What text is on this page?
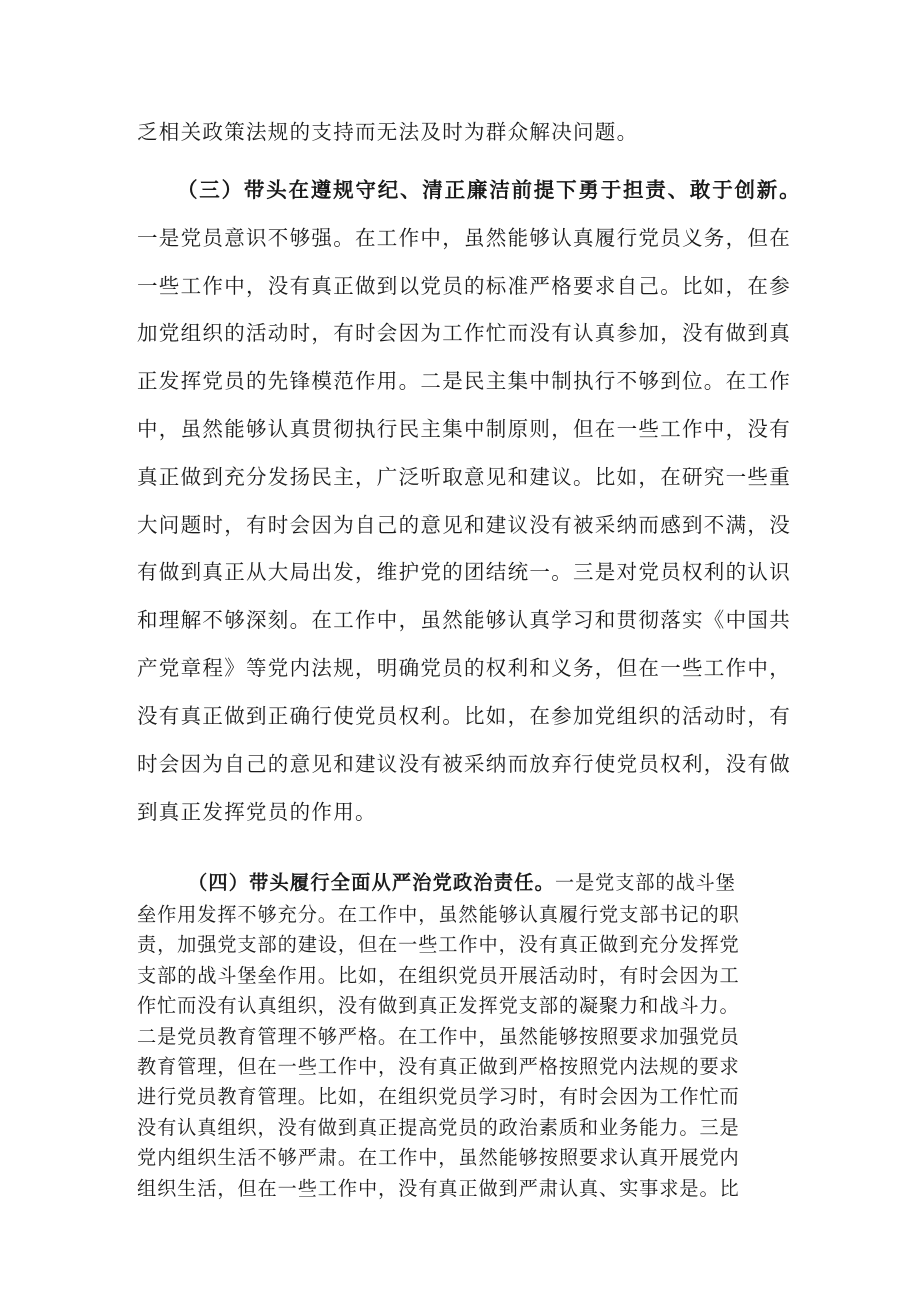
乏相关政策法规的支持而无法及时为群众解决问题。
（三）带头在遵规守纪、清正廉洁前提下勇于担责、敢于创新。
一是党员意识不够强。在工作中，虽然能够认真履行党员义务，但在
一些工作中，没有真正做到以党员的标准严格要求自己。比如，在参
加党组织的活动时，有时会因为工作忙而没有认真参加，没有做到真
正发挥党员的先锋模范作用。二是民主集中制执行不够到位。在工作
中，虽然能够认真贯彻执行民主集中制原则，但在一些工作中，没有
真正做到充分发扬民主，广泛听取意见和建议。比如，在研究一些重
大问题时，有时会因为自己的意见和建议没有被采纳而感到不满，没
有做到真正从大局出发，维护党的团结统一。三是对党员权利的认识
和理解不够深刻。在工作中，虽然能够认真学习和贯彻落实《中国共
产党章程》等党内法规，明确党员的权利和义务，但在一些工作中，
没有真正做到正确行使党员权利。比如，在参加党组织的活动时，有
时会因为自己的意见和建议没有被采纳而放弃行使党员权利，没有做
到真正发挥党员的作用。
（四）带头履行全面从严治党政治责任。一是党支部的战斗堡
垒作用发挥不够充分。在工作中，虽然能够认真履行党支部书记的职
责，加强党支部的建设，但在一些工作中，没有真正做到充分发挥党
支部的战斗堡垒作用。比如，在组织党员开展活动时，有时会因为工
作忙而没有认真组织，没有做到真正发挥党支部的凝聚力和战斗力。
二是党员教育管理不够严格。在工作中，虽然能够按照要求加强党员
教育管理，但在一些工作中，没有真正做到严格按照党内法规的要求
进行党员教育管理。比如，在组织党员学习时，有时会因为工作忙而
没有认真组织，没有做到真正提高党员的政治素质和业务能力。三是
党内组织生活不够严肃。在工作中，虽然能够按照要求认真开展党内
组织生活，但在一些工作中，没有真正做到严肃认真、实事求是。比
